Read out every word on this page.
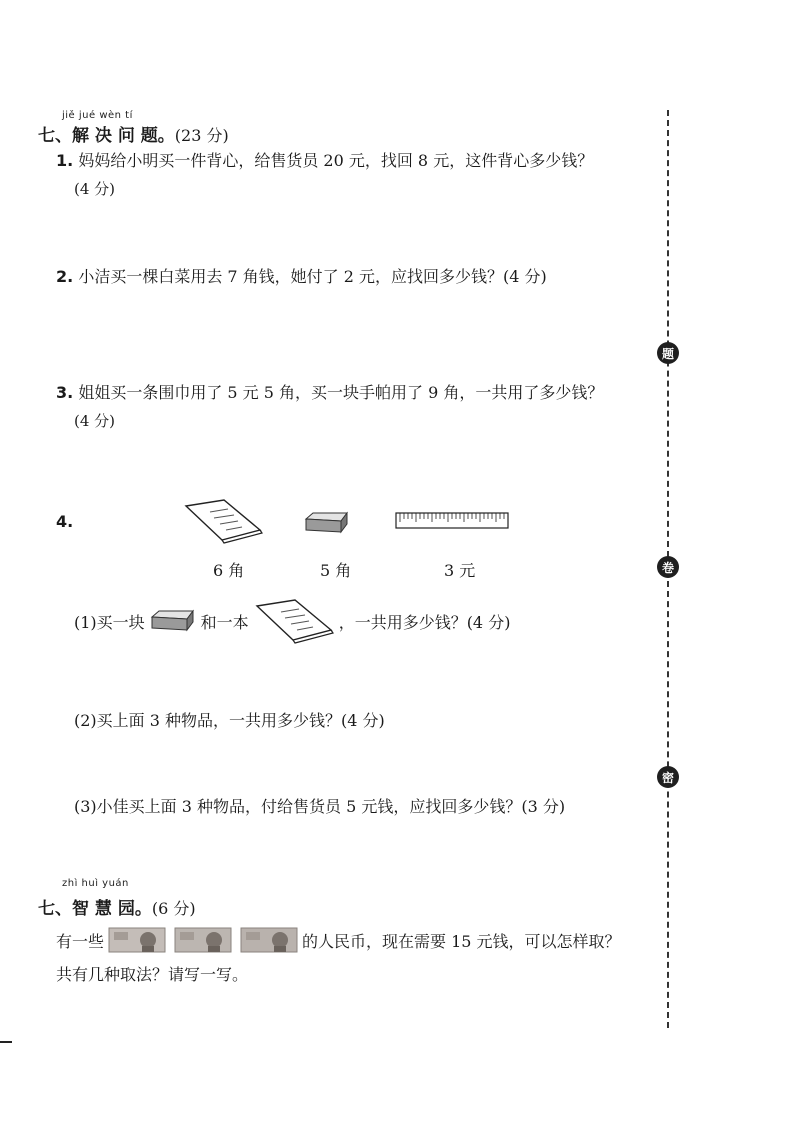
jiě jué wèn tí
七、解 决 问 题。(23 分)
1. 妈妈给小明买一件背心，给售货员 20 元，找回 8 元，这件背心多少钱？
(4 分)
2. 小洁买一棵白菜用去 7 角钱，她付了 2 元，应找回多少钱？(4 分)
3. 姐姐买一条围巾用了 5 元 5 角，买一块手帕用了 9 角，一共用了多少钱？
(4 分)
4.
6 角	5 角	3 元
(1)买一块	和一本	，一共用多少钱？(4 分)
(2)买上面 3 种物品，一共用多少钱？(4 分)
(3)小佳买上面 3 种物品，付给售货员 5 元钱，应找回多少钱？(3 分)
zhì huì yuán
七、智 慧 园。(6 分)
有一些	的人民币，现在需要 15 元钱，可以怎样取？
共有几种取法？请写一写。
题
卷
密
